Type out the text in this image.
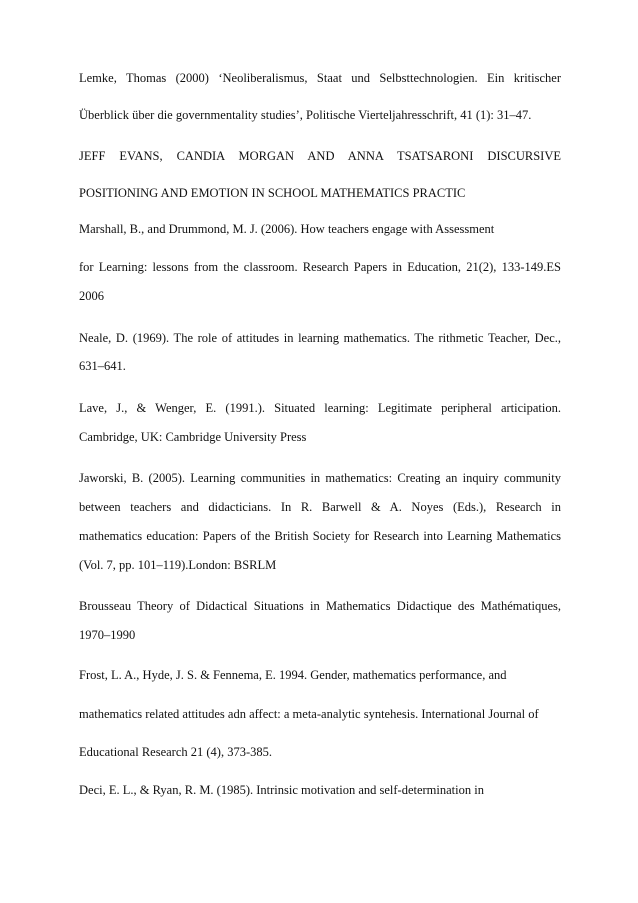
Lemke, Thomas (2000) ‘Neoliberalismus, Staat und Selbsttechnologien. Ein kritischer
Überblick über die governmentality studies’, Politische Vierteljahresschrift, 41 (1): 31–47.
JEFF EVANS, CANDIA MORGAN AND ANNA TSATSARONI DISCURSIVE
POSITIONING AND EMOTION IN SCHOOL MATHEMATICS PRACTIC
Marshall, B., and Drummond, M. J. (2006). How teachers engage with Assessment
for Learning: lessons from the classroom. Research Papers in Education, 21(2), 133-149.ES
2006
Neale, D. (1969). The role of attitudes in learning mathematics. The rithmetic Teacher, Dec.,
631–641.
Lave, J., & Wenger, E. (1991.). Situated learning: Legitimate peripheral articipation.
Cambridge, UK: Cambridge University Press
Jaworski, B. (2005). Learning communities in mathematics: Creating an inquiry community
between teachers and didacticians. In R. Barwell & A. Noyes (Eds.), Research in
mathematics education: Papers of the British Society for Research into Learning Mathematics
(Vol. 7, pp. 101–119).London: BSRLM
Brousseau Theory of Didactical Situations in Mathematics Didactique des Mathématiques,
1970–1990
Frost, L. A., Hyde, J. S. & Fennema, E. 1994. Gender, mathematics performance, and
mathematics related attitudes adn affect: a meta-analytic syntehesis. International Journal of
Educational Research 21 (4), 373-385.
Deci, E. L., & Ryan, R. M. (1985). Intrinsic motivation and self-determination in
